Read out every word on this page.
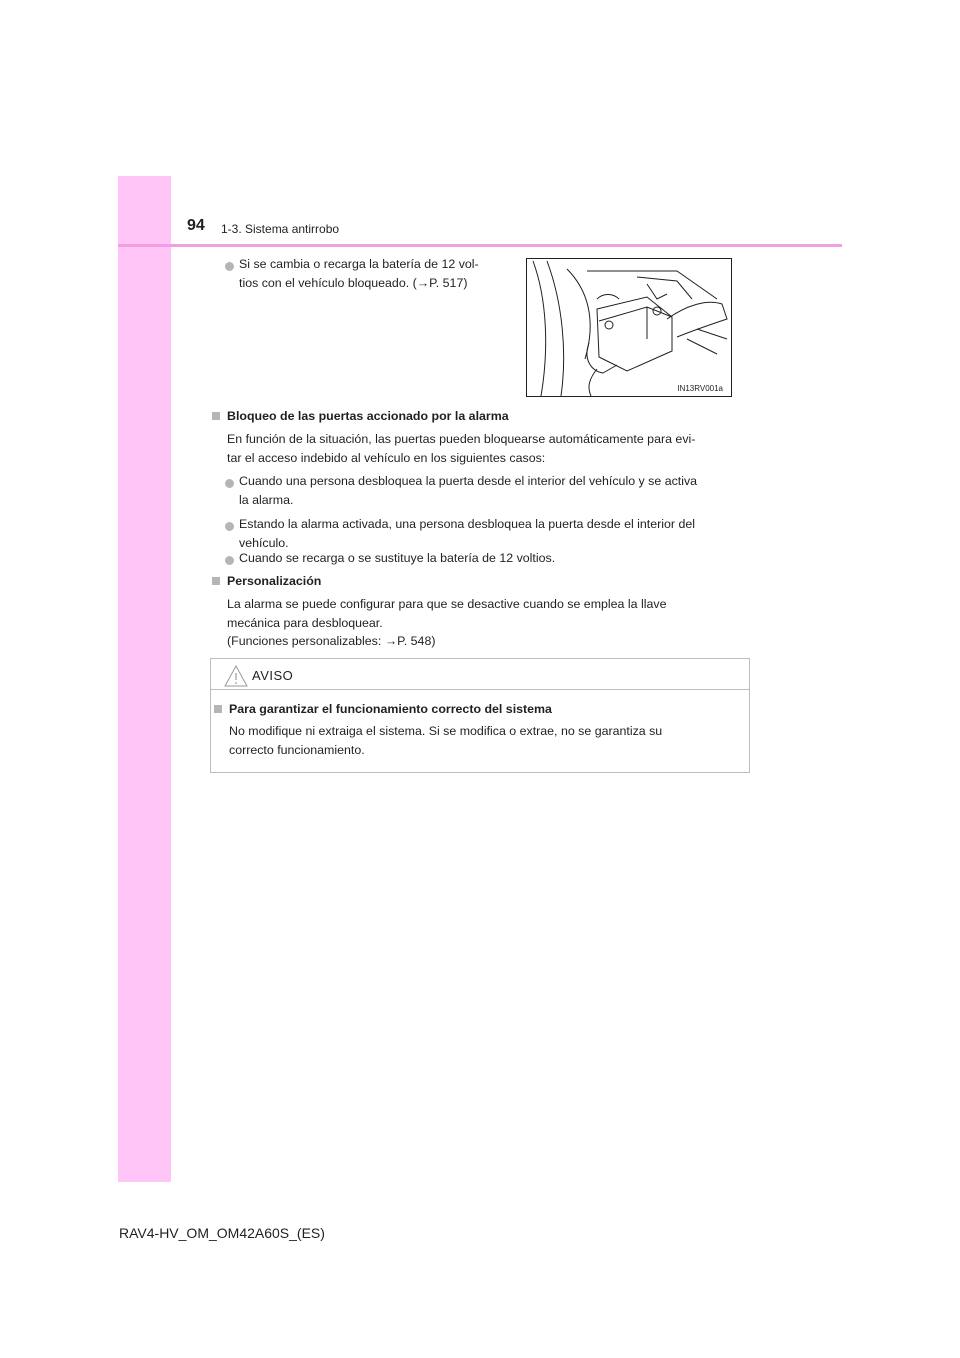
94 1-3. Sistema antirrobo
Si se cambia o recarga la batería de 12 vol-
tios con el vehículo bloqueado. (→P. 517)
IN13RV001a
Bloqueo de las puertas accionado por la alarma
En función de la situación, las puertas pueden bloquearse automáticamente para evi-
tar el acceso indebido al vehículo en los siguientes casos:
Cuando una persona desbloquea la puerta desde el interior del vehículo y se activa
la alarma.
Estando la alarma activada, una persona desbloquea la puerta desde el interior del
vehículo.
Cuando se recarga o se sustituye la batería de 12 voltios.
Personalización
La alarma se puede configurar para que se desactive cuando se emplea la llave
mecánica para desbloquear.
(Funciones personalizables: →P. 548)
AVISO
Para garantizar el funcionamiento correcto del sistema
No modifique ni extraiga el sistema. Si se modifica o extrae, no se garantiza su
correcto funcionamiento.
RAV4-HV_OM_OM42A60S_(ES)
